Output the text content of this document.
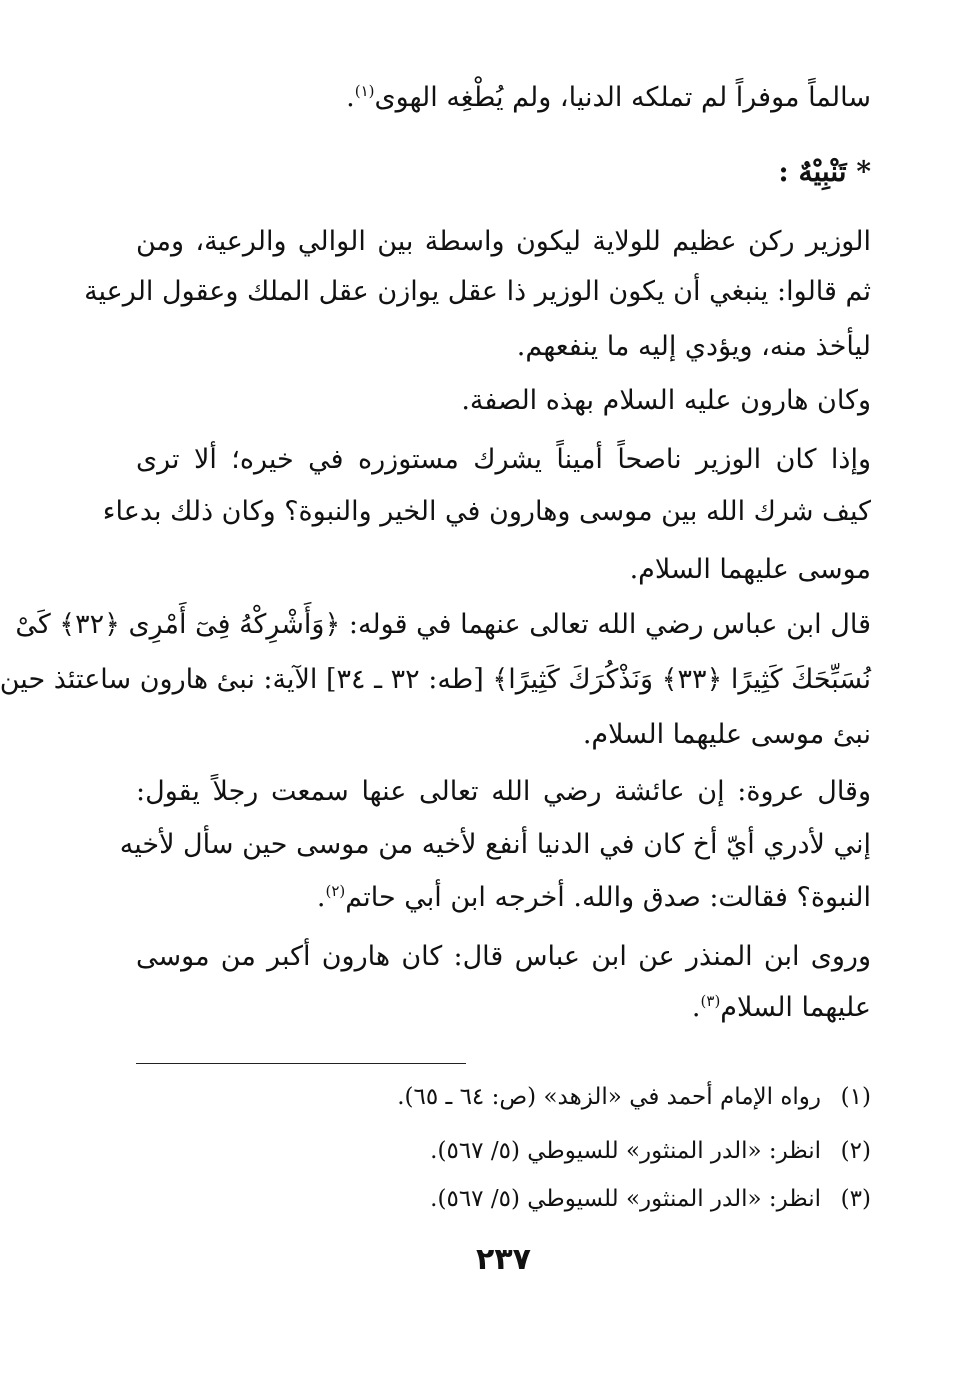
سالماً موفراً لم تملكه الدنيا، ولم يُطْغِه الهوى$^{(١)}$.
* تَنْبِيْهٌ :
الوزير ركن عظيم للولاية ليكون واسطة بين الوالي والرعية، ومن
ثم قالوا: ينبغي أن يكون الوزير ذا عقل يوازن عقل الملك وعقول الرعية
ليأخذ منه، ويؤدي إليه ما ينفعهم.
وكان هارون عليه السلام بهذه الصفة.
وإذا كان الوزير ناصحاً أميناً يشرك مستوزره في خيره؛ ألا ترى
كيف شرك الله بين موسى وهارون في الخير والنبوة؟ وكان ذلك بدعاء
موسى عليهما السلام.
قال ابن عباس رضي الله تعالى عنهما في قوله: ﴿وَأَشْرِكْهُ فِىٓ أَمْرِى ﴿٣٢﴾ كَىْ
نُسَبِّحَكَ كَثِيرًا ﴿٣٣﴾ وَنَذْكُرَكَ كَثِيرًا﴾ [طه: ٣٢ ـ ٣٤] الآية: نبئ هارون ساعتئذ حين
نبئ موسى عليهما السلام.
وقال عروة: إن عائشة رضي الله تعالى عنها سمعت رجلاً يقول:
إني لأدري أيّ أخ كان في الدنيا أنفع لأخيه من موسى حين سأل لأخيه
النبوة؟ فقالت: صدق والله. أخرجه ابن أبي حاتم$^{(٢)}$.
وروى ابن المنذر عن ابن عباس قال: كان هارون أكبر من موسى
عليهما السلام$^{(٣)}$.
(١)رواه الإمام أحمد في «الزهد» (ص: ٦٤ ـ ٦٥).
(٢)انظر: «الدر المنثور» للسيوطي (٥/ ٥٦٧).
(٣)انظر: «الدر المنثور» للسيوطي (٥/ ٥٦٧).
٢٣٧
